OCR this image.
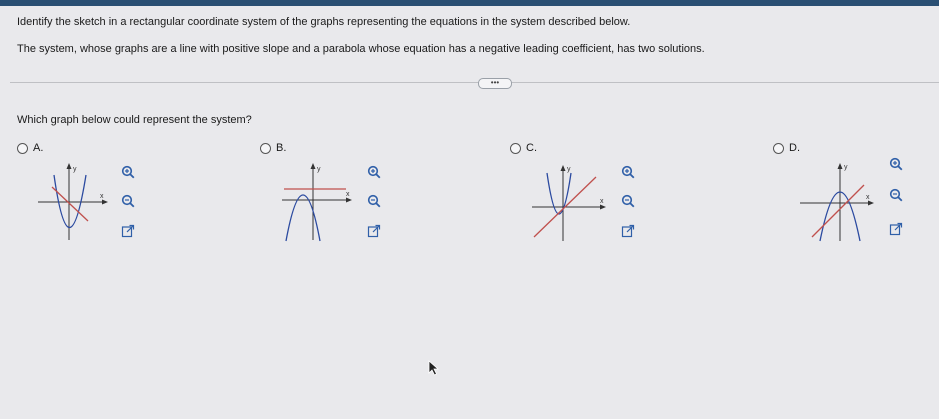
Identify the sketch in a rectangular coordinate system of the graphs representing the equations in the system described below.
The system, whose graphs are a line with positive slope and a parabola whose equation has a negative leading coefficient, has two solutions.
•••
Which graph below could represent the system?
A.
y
x
B.
y
x
C.
y
x
D.
y
x
